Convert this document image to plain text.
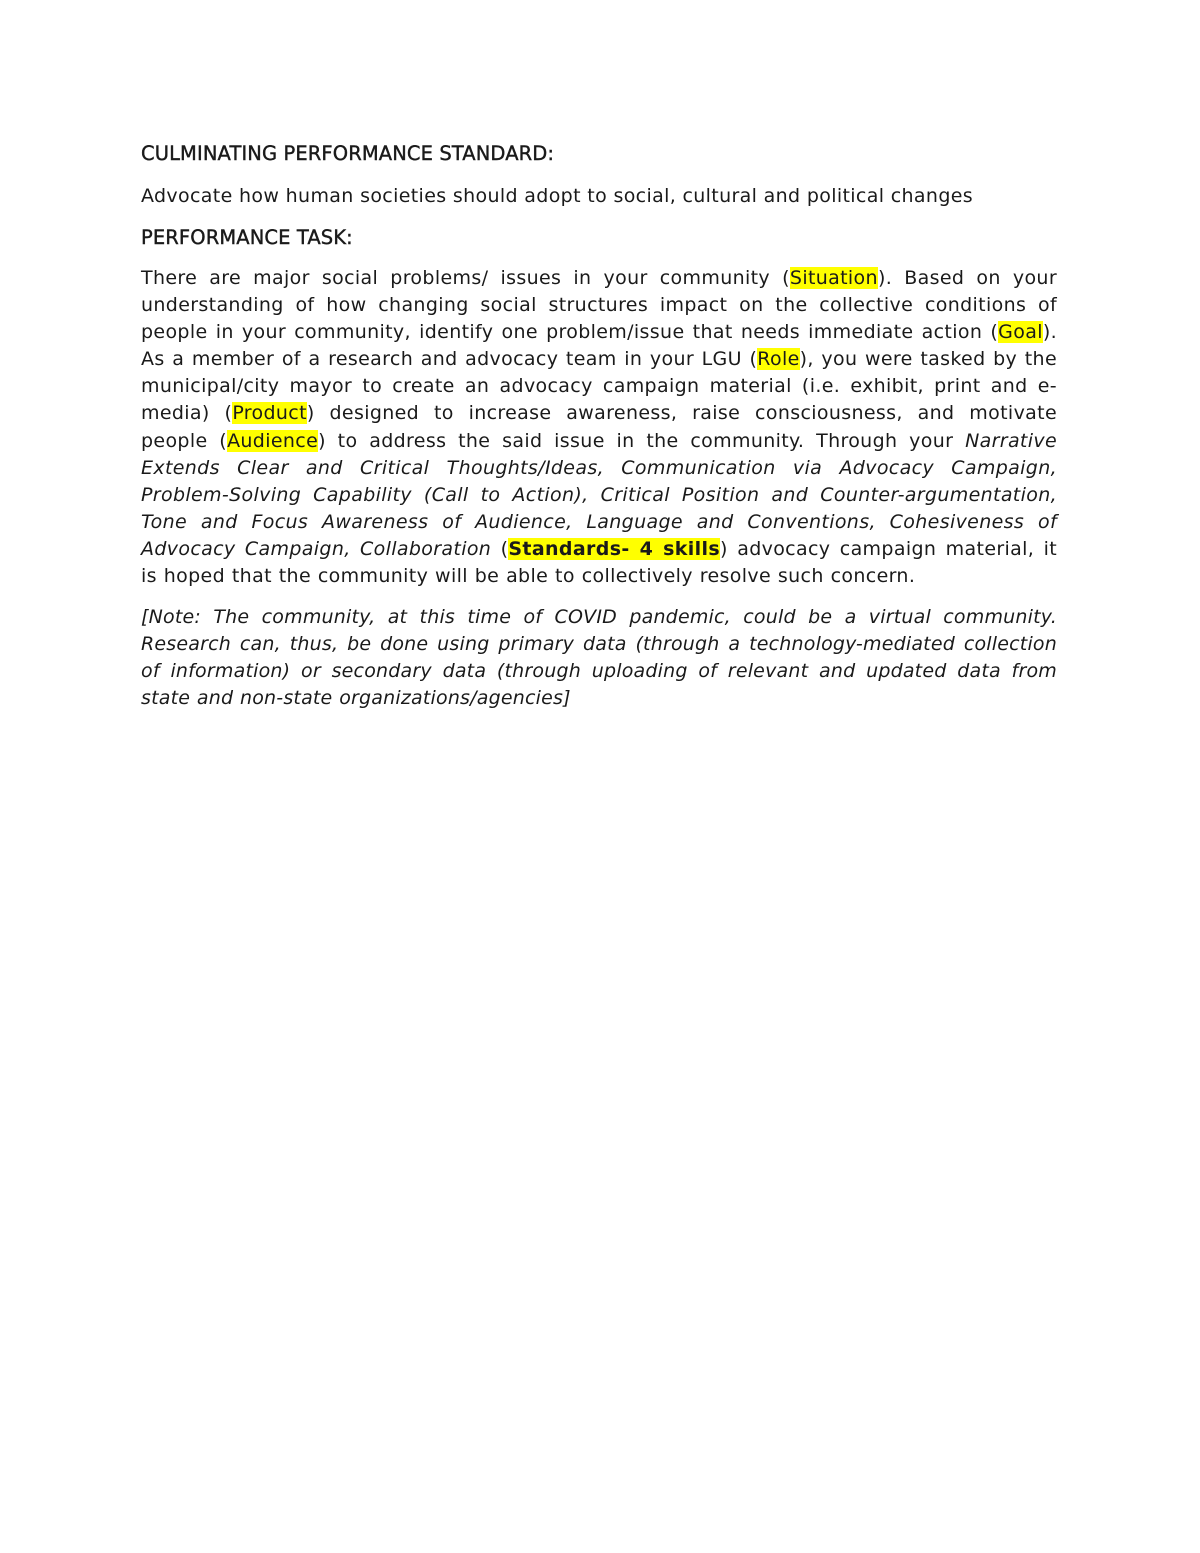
CULMINATING PERFORMANCE STANDARD:

Advocate how human societies should adopt to social, cultural and political changes

PERFORMANCE TASK:

There are major social problems/ issues in your community (Situation). Based on your understanding of how changing social structures impact on the collective conditions of people in your community, identify one problem/issue that needs immediate action (Goal). As a member of a research and advocacy team in your LGU (Role), you were tasked by the municipal/city mayor to create an advocacy campaign material (i.e. exhibit, print and e-media) (Product) designed to increase awareness, raise consciousness, and motivate people (Audience) to address the said issue in the community. Through your Narrative Extends Clear and Critical Thoughts/Ideas, Communication via Advocacy Campaign, Problem-Solving Capability (Call to Action), Critical Position and Counter-argumentation, Tone and Focus Awareness of Audience, Language and Conventions, Cohesiveness of Advocacy Campaign, Collaboration (Standards- 4 skills) advocacy campaign material, it is hoped that the community will be able to collectively resolve such concern.

[Note: The community, at this time of COVID pandemic, could be a virtual community. Research can, thus, be done using primary data (through a technology-mediated collection of information) or secondary data (through uploading of relevant and updated data from state and non-state organizations/agencies]
